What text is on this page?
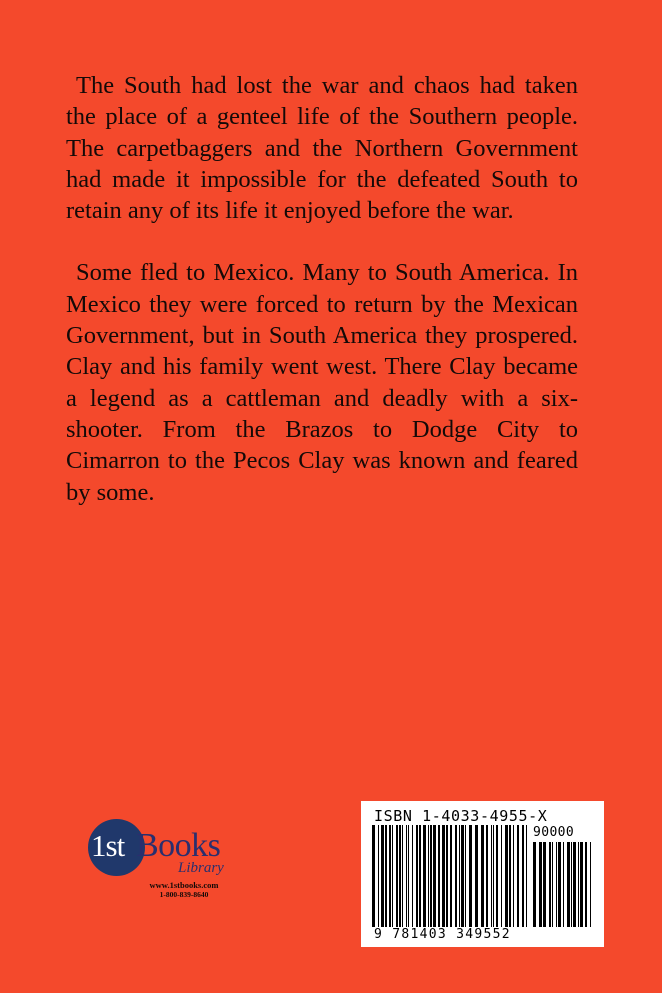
The South had lost the war and chaos had taken the place of a genteel life of the Southern people. The carpetbaggers and the Northern Government had made it impossible for the defeated South to retain any of its life it enjoyed before the war.

Some fled to Mexico. Many to South America. In Mexico they were forced to return by the Mexican Government, but in South America they prospered. Clay and his family went west. There Clay became a legend as a cattleman and deadly with a six-shooter. From the Brazos to Dodge City to Cimarron to the Pecos Clay was known and feared by some.

1st Books
Library
www.1stbooks.com
1-800-839-8640
ISBN 1-4033-4955-X
90000
9 781403 349552
